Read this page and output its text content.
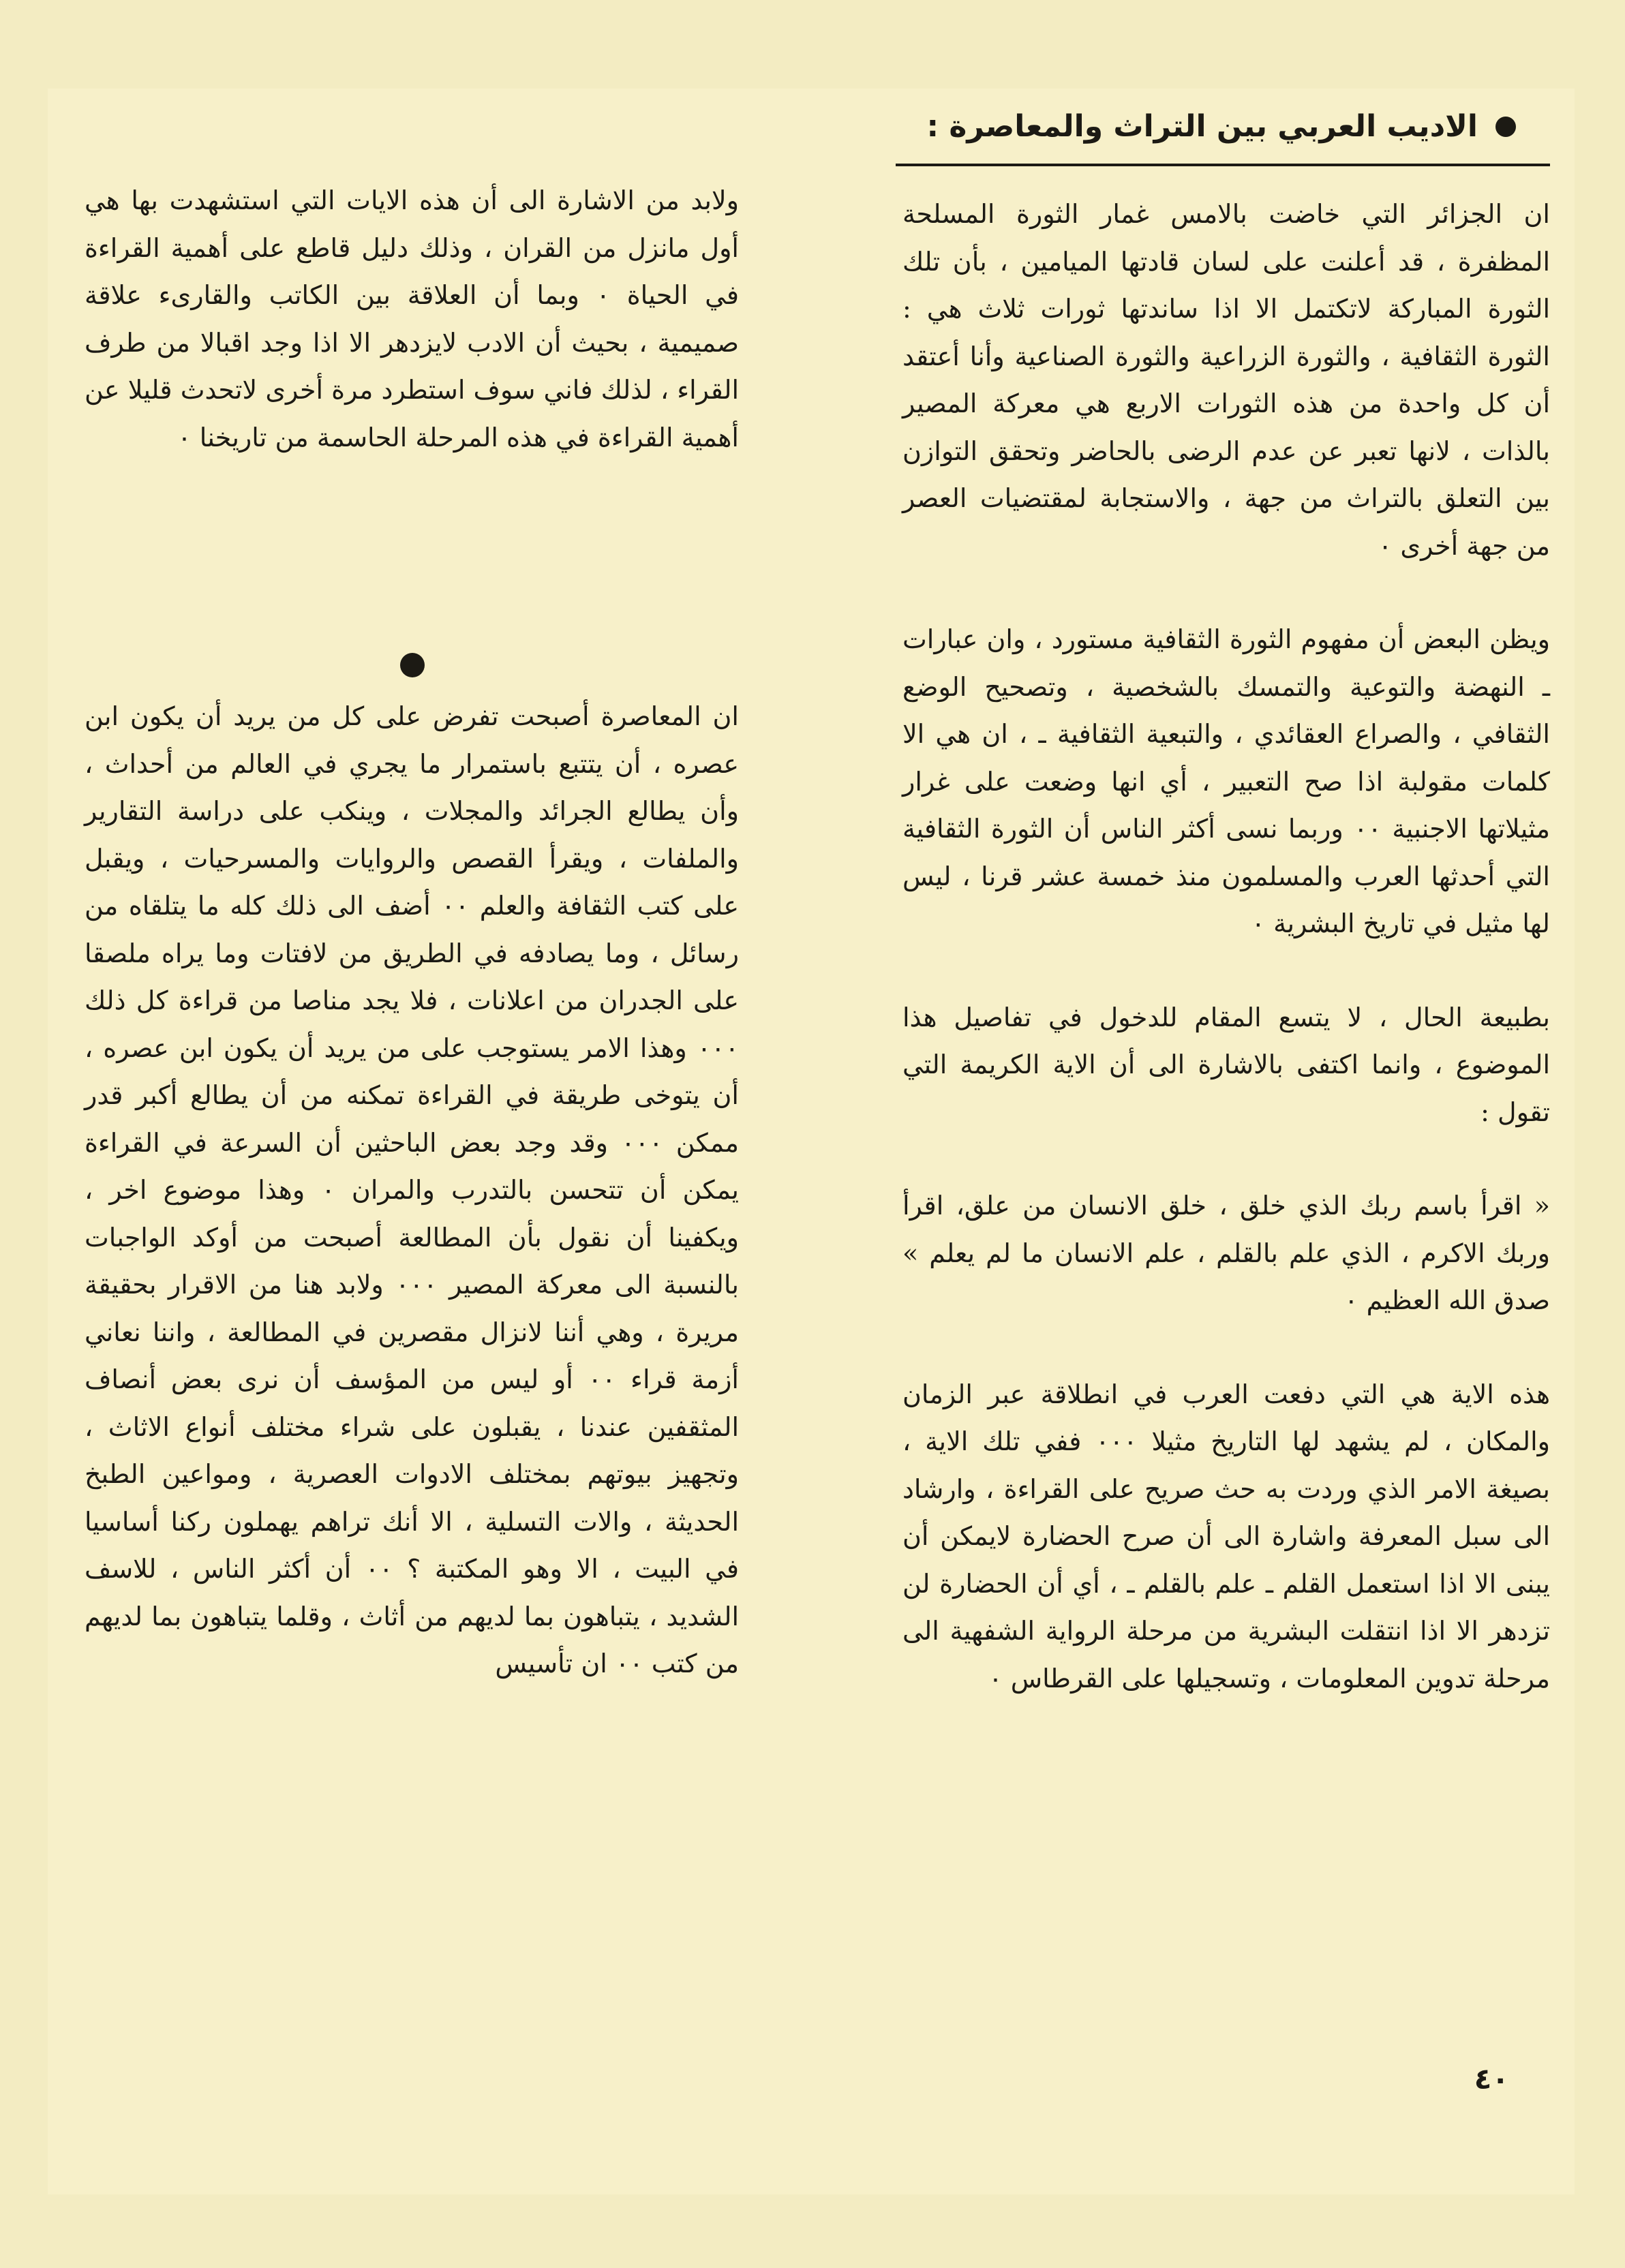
الاديب العربي بين التراث والمعاصرة :

ان الجزائر التي خاضت بالامس غمار الثورة المسلحة المظفرة ، قد أعلنت على لسان قادتها الميامين ، بأن تلك الثورة المباركة لاتكتمل الا اذا ساندتها ثورات ثلاث هي : الثورة الثقافية ، والثورة الزراعية والثورة الصناعية وأنا أعتقد أن كل واحدة من هذه الثورات الاربع هي معركة المصير بالذات ، لانها تعبر عن عدم الرضى بالحاضر وتحقق التوازن بين التعلق بالتراث من جهة ، والاستجابة لمقتضيات العصر من جهة أخرى ٠

ويظن البعض أن مفهوم الثورة الثقافية مستورد ، وان عبارات ـ النهضة والتوعية والتمسك بالشخصية ، وتصحيح الوضع الثقافي ، والصراع العقائدي ، والتبعية الثقافية ـ ، ان هي الا كلمات مقولبة اذا صح التعبير ، أي انها وضعت على غرار مثيلاتها الاجنبية ٠٠ وربما نسى أكثر الناس أن الثورة الثقافية التي أحدثها العرب والمسلمون منذ خمسة عشر قرنا ، ليس لها مثيل في تاريخ البشرية ٠

بطبيعة الحال ، لا يتسع المقام للدخول في تفاصيل هذا الموضوع ، وانما اكتفى بالاشارة الى أن الاية الكريمة التي تقول :

« اقرأ باسم ربك الذي خلق ، خلق الانسان من علق، اقرأ وربك الاكرم ، الذي علم بالقلم ، علم الانسان ما لم يعلم » صدق الله العظيم ٠

هذه الاية هي التي دفعت العرب في انطلاقة عبر الزمان والمكان ، لم يشهد لها التاريخ مثيلا ٠٠٠ ففي تلك الاية ، بصيغة الامر الذي وردت به حث صريح على القراءة ، وارشاد الى سبل المعرفة واشارة الى أن صرح الحضارة لايمكن أن يبنى الا اذا استعمل القلم ـ علم بالقلم ـ ، أي أن الحضارة لن تزدهر الا اذا انتقلت البشرية من مرحلة الرواية الشفهية الى مرحلة تدوين المعلومات ، وتسجيلها على القرطاس ٠

ولابد من الاشارة الى أن هذه الايات التي استشهدت بها هي أول مانزل من القران ، وذلك دليل قاطع على أهمية القراءة في الحياة ٠ وبما أن العلاقة بين الكاتب والقارىء علاقة صميمية ، بحيث أن الادب لايزدهر الا اذا وجد اقبالا من طرف القراء ، لذلك فاني سوف استطرد مرة أخرى لاتحدث قليلا عن أهمية القراءة في هذه المرحلة الحاسمة من تاريخنا ٠

ان المعاصرة أصبحت تفرض على كل من يريد أن يكون ابن عصره ، أن يتتبع باستمرار ما يجري في العالم من أحداث ، وأن يطالع الجرائد والمجلات ، وينكب على دراسة التقارير والملفات ، ويقرأ القصص والروايات والمسرحيات ، ويقبل على كتب الثقافة والعلم ٠٠ أضف الى ذلك كله ما يتلقاه من رسائل ، وما يصادفه في الطريق من لافتات وما يراه ملصقا على الجدران من اعلانات ، فلا يجد مناصا من قراءة كل ذلك ٠٠٠ وهذا الامر يستوجب على من يريد أن يكون ابن عصره ، أن يتوخى طريقة في القراءة تمكنه من أن يطالع أكبر قدر ممكن ٠٠٠ وقد وجد بعض الباحثين أن السرعة في القراءة يمكن أن تتحسن بالتدرب والمران ٠ وهذا موضوع اخر ، ويكفينا أن نقول بأن المطالعة أصبحت من أوكد الواجبات بالنسبة الى معركة المصير ٠٠٠ ولابد هنا من الاقرار بحقيقة مريرة ، وهي أننا لانزال مقصرين في المطالعة ، واننا نعاني أزمة قراء ٠٠ أو ليس من المؤسف أن نرى بعض أنصاف المثقفين عندنا ، يقبلون على شراء مختلف أنواع الاثاث ، وتجهيز بيوتهم بمختلف الادوات العصرية ، ومواعين الطبخ الحديثة ، والات التسلية ، الا أنك تراهم يهملون ركنا أساسيا في البيت ، الا وهو المكتبة ؟ ٠٠ أن أكثر الناس ، للاسف الشديد ، يتباهون بما لديهم من أثاث ، وقلما يتباهون بما لديهم من كتب ٠٠ ان تأسيس

٤٠
